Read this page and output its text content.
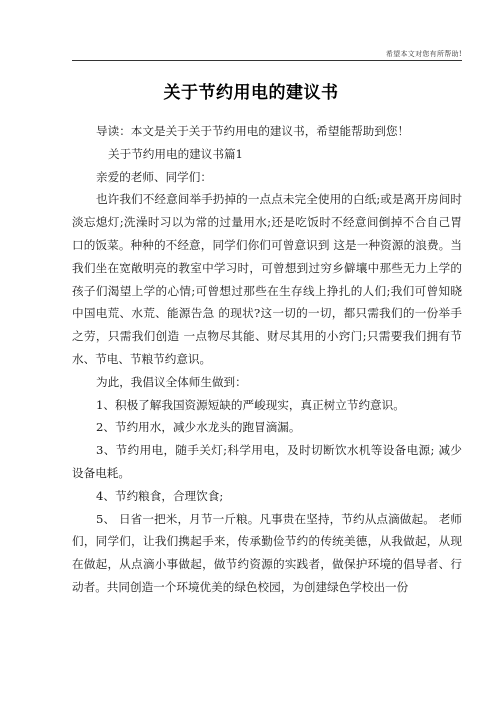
希望本文对您有所帮助!
关于节约用电的建议书

导读：本文是关于关于节约用电的建议书，希望能帮助到您！

关于节约用电的建议书篇1

亲爱的老师、同学们：

也许我们不经意间举手扔掉的一点点未完全使用的白纸;或是离开房间时淡忘熄灯;洗澡时习以为常的过量用水;还是吃饭时不经意间倒掉不合自己胃口的饭菜。种种的不经意，同学们你们可曾意识到 这是一种资源的浪费。当我们坐在宽敞明亮的教室中学习时，可曾想到过穷乡僻壤中那些无力上学的孩子们渴望上学的心情;可曾想过那些在生存线上挣扎的人们;我们可曾知晓中国电荒、水荒、能源告急 的现状?这一切的一切，都只需我们的一份举手之劳，只需我们创造 一点物尽其能、财尽其用的小窍门;只需要我们拥有节水、节电、节粮节约意识。

为此，我倡议全体师生做到：

1、积极了解我国资源短缺的严峻现实，真正树立节约意识。

2、节约用水，减少水龙头的跑冒滴漏。

3、节约用电，随手关灯;科学用电，及时切断饮水机等设备电源; 减少设备电耗。

4、节约粮食，合理饮食;

5、 日省一把米，月节一斤粮。凡事贵在坚持，节约从点滴做起。 老师们，同学们，让我们携起手来，传承勤俭节约的传统美德，从我做起，从现在做起，从点滴小事做起，做节约资源的实践者，做保护环境的倡导者、行动者。共同创造一个环境优美的绿色校园，为创建绿色学校出一份
